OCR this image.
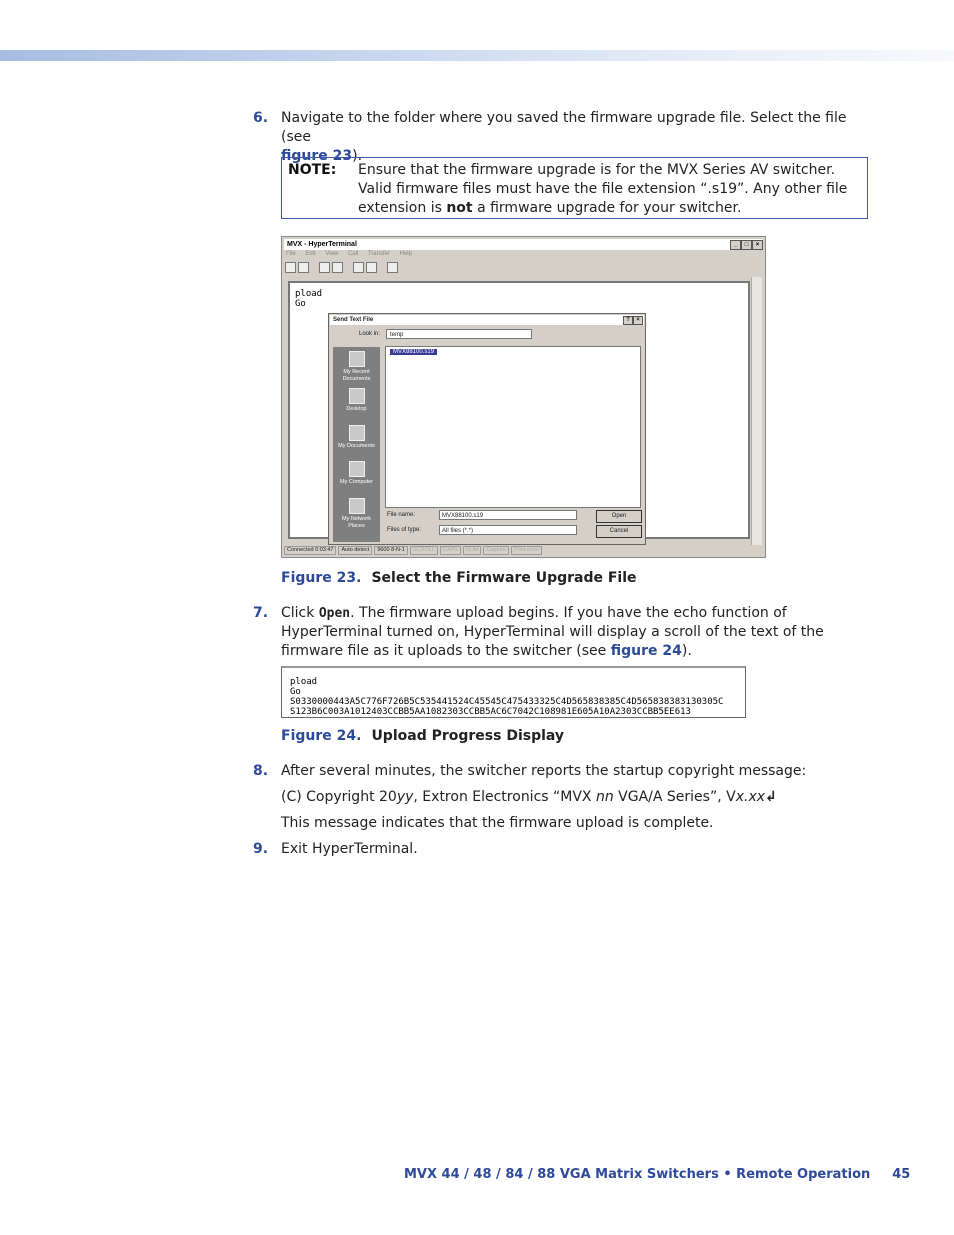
6. Navigate to the folder where you saved the firmware upgrade file. Select the file (see
figure 23).
NOTE: Ensure that the firmware upgrade is for the MVX Series AV switcher. Valid firmware files must have the file extension “.s19”. Any other file extension is not a firmware upgrade for your switcher.
MVX - HyperTerminal	_	□	×
File Edit View Call Transfer Help

pload
Go
Send Text File	?	×
Look in:	temp
My Recent Documents
Desktop
My Documents
My Computer
My Network Places
MVX88100.s19
File name:	MVX88100.s19
Files of type:	All files (*.*)
Open
Cancel
Connected 0:03:47 Auto detect 9600 8-N-1 SCROLL CAPS NUM Capture Print echo
Figure 23. Select the Firmware Upgrade File
7. Click Open. The firmware upload begins. If you have the echo function of HyperTerminal turned on, HyperTerminal will display a scroll of the text of the firmware file as it uploads to the switcher (see figure 24).
pload
Go
S0330000443A5C776F726B5C535441524C45545C475433325C4D565838385C4D565838383130305C
S123B6C003A1012403CCBB5AA1082303CCBB5AC6C7042C108981E605A10A2303CCBB5EE613
Figure 24. Upload Progress Display
8. After several minutes, the switcher reports the startup copyright message:
(C) Copyright 20yy, Extron Electronics “MVX nn VGA/A Series”, Vx.xx↲
This message indicates that the firmware upload is complete.
9. Exit HyperTerminal.
MVX 44 / 48 / 84 / 88 VGA Matrix Switchers • Remote Operation 45
